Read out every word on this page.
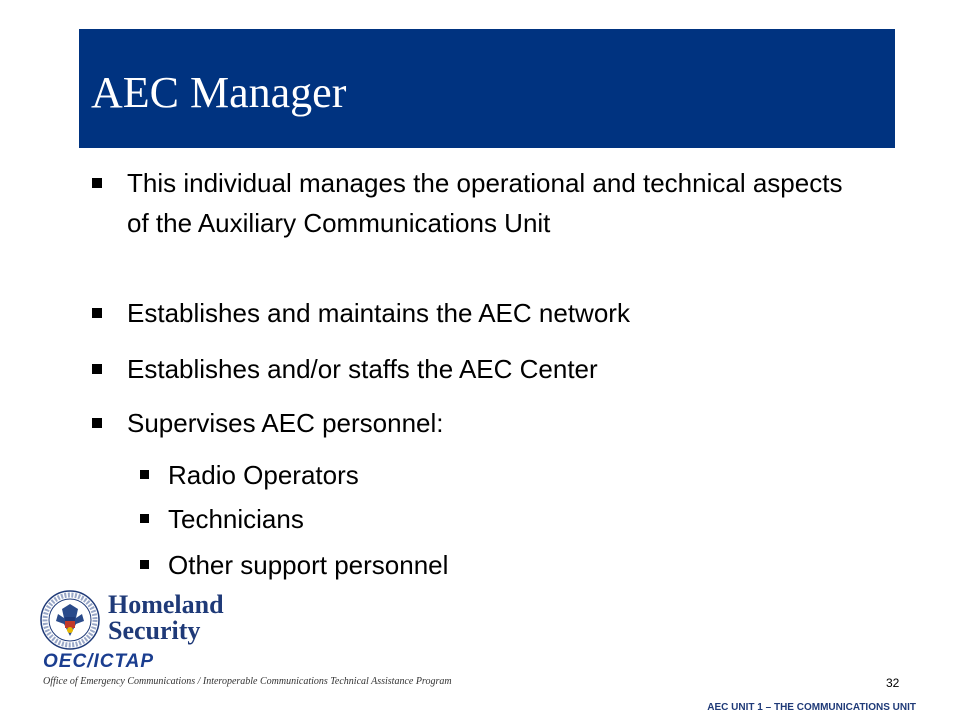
AEC Manager
This individual manages the operational and technical aspects of the Auxiliary Communications Unit
Establishes and maintains the AEC network
Establishes and/or staffs the AEC Center
Supervises AEC personnel:
Radio Operators
Technicians
Other support personnel
Homeland
Security
OEC/ICTAP
Office of Emergency Communications / Interoperable Communications Technical Assistance Program	32
AEC UNIT 1 – THE COMMUNICATIONS UNIT
